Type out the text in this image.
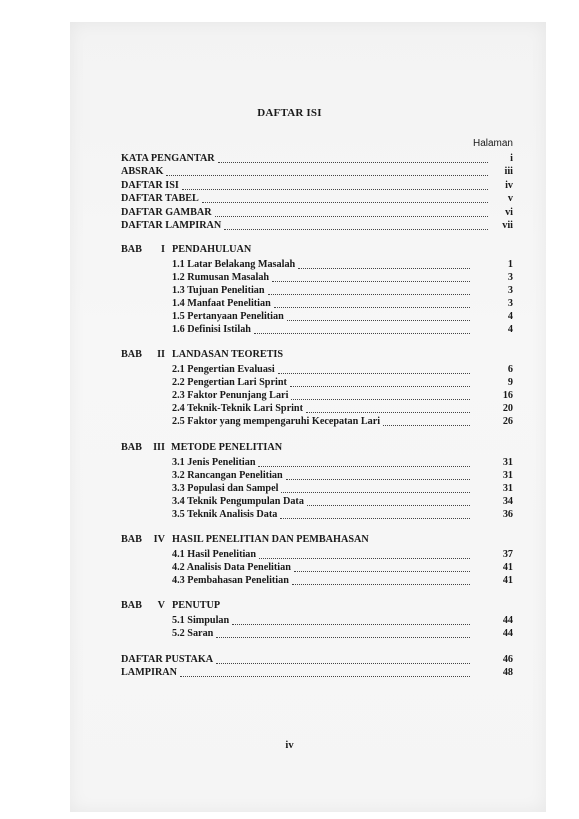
DAFTAR ISI
Halaman
KATA PENGANTAR	i
ABSRAK	iii
DAFTAR ISI	iv
DAFTAR TABEL	v
DAFTAR GAMBAR	vi
DAFTAR LAMPIRAN	vii
BAB	I PENDAHULUAN
1.1 Latar Belakang Masalah	1
1.2 Rumusan Masalah	3
1.3 Tujuan Penelitian	3
1.4 Manfaat Penelitian	3
1.5 Pertanyaan Penelitian	4
1.6 Definisi Istilah	4
BAB	II LANDASAN TEORETIS
2.1 Pengertian Evaluasi	6
2.2 Pengertian Lari Sprint	9
2.3 Faktor Penunjang Lari	16
2.4 Teknik-Teknik Lari Sprint	20
2.5 Faktor yang mempengaruhi Kecepatan Lari	26
BAB	III METODE PENELITIAN
3.1 Jenis Penelitian	31
3.2 Rancangan Penelitian	31
3.3 Populasi dan Sampel	31
3.4 Teknik Pengumpulan Data	34
3.5 Teknik Analisis Data	36
BAB	IV HASIL PENELITIAN DAN PEMBAHASAN
4.1 Hasil Penelitian	37
4.2 Analisis Data Penelitian	41
4.3 Pembahasan Penelitian	41
BAB	V PENUTUP
5.1 Simpulan	44
5.2 Saran	44
DAFTAR PUSTAKA	46
LAMPIRAN	48
iv
